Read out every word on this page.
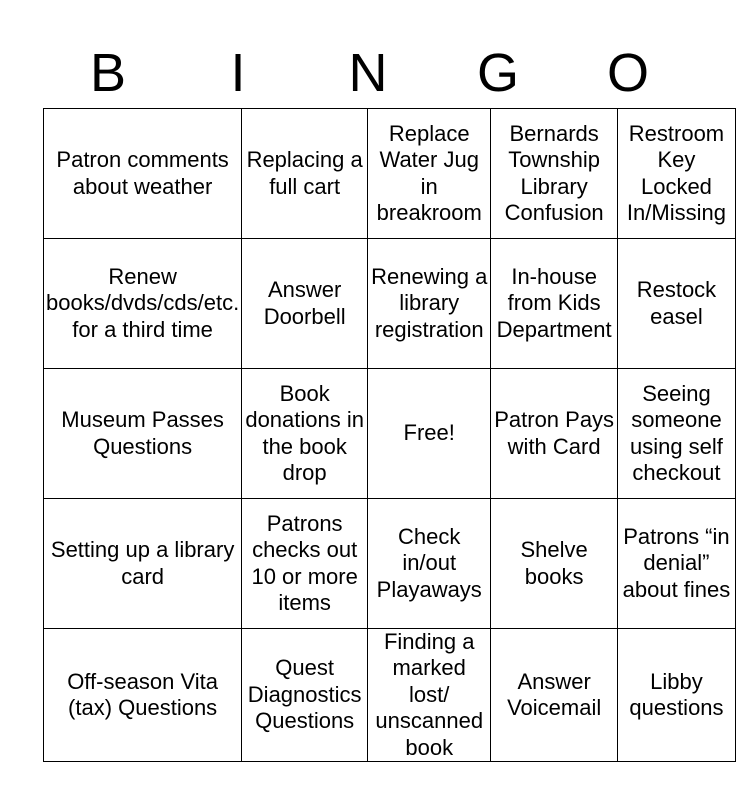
B	I	N	G	O
Patron comments about weather	Replacing a full cart	Replace Water Jug in breakroom	Bernards Township Library Confusion	Restroom Key Locked In/Missing
Renew books/dvds/cds/etc. for a third time	Answer Doorbell	Renewing a library registration	In-house from Kids Department	Restock easel
Museum Passes Questions	Book donations in the book drop	Free!	Patron Pays with Card	Seeing someone using self checkout
Setting up a library card	Patrons checks out 10 or more items	Check in/out Playaways	Shelve books	Patrons “in denial” about fines
Off-season Vita (tax) Questions	Quest Diagnostics Questions	Finding a marked lost/ unscanned book	Answer Voicemail	Libby questions
